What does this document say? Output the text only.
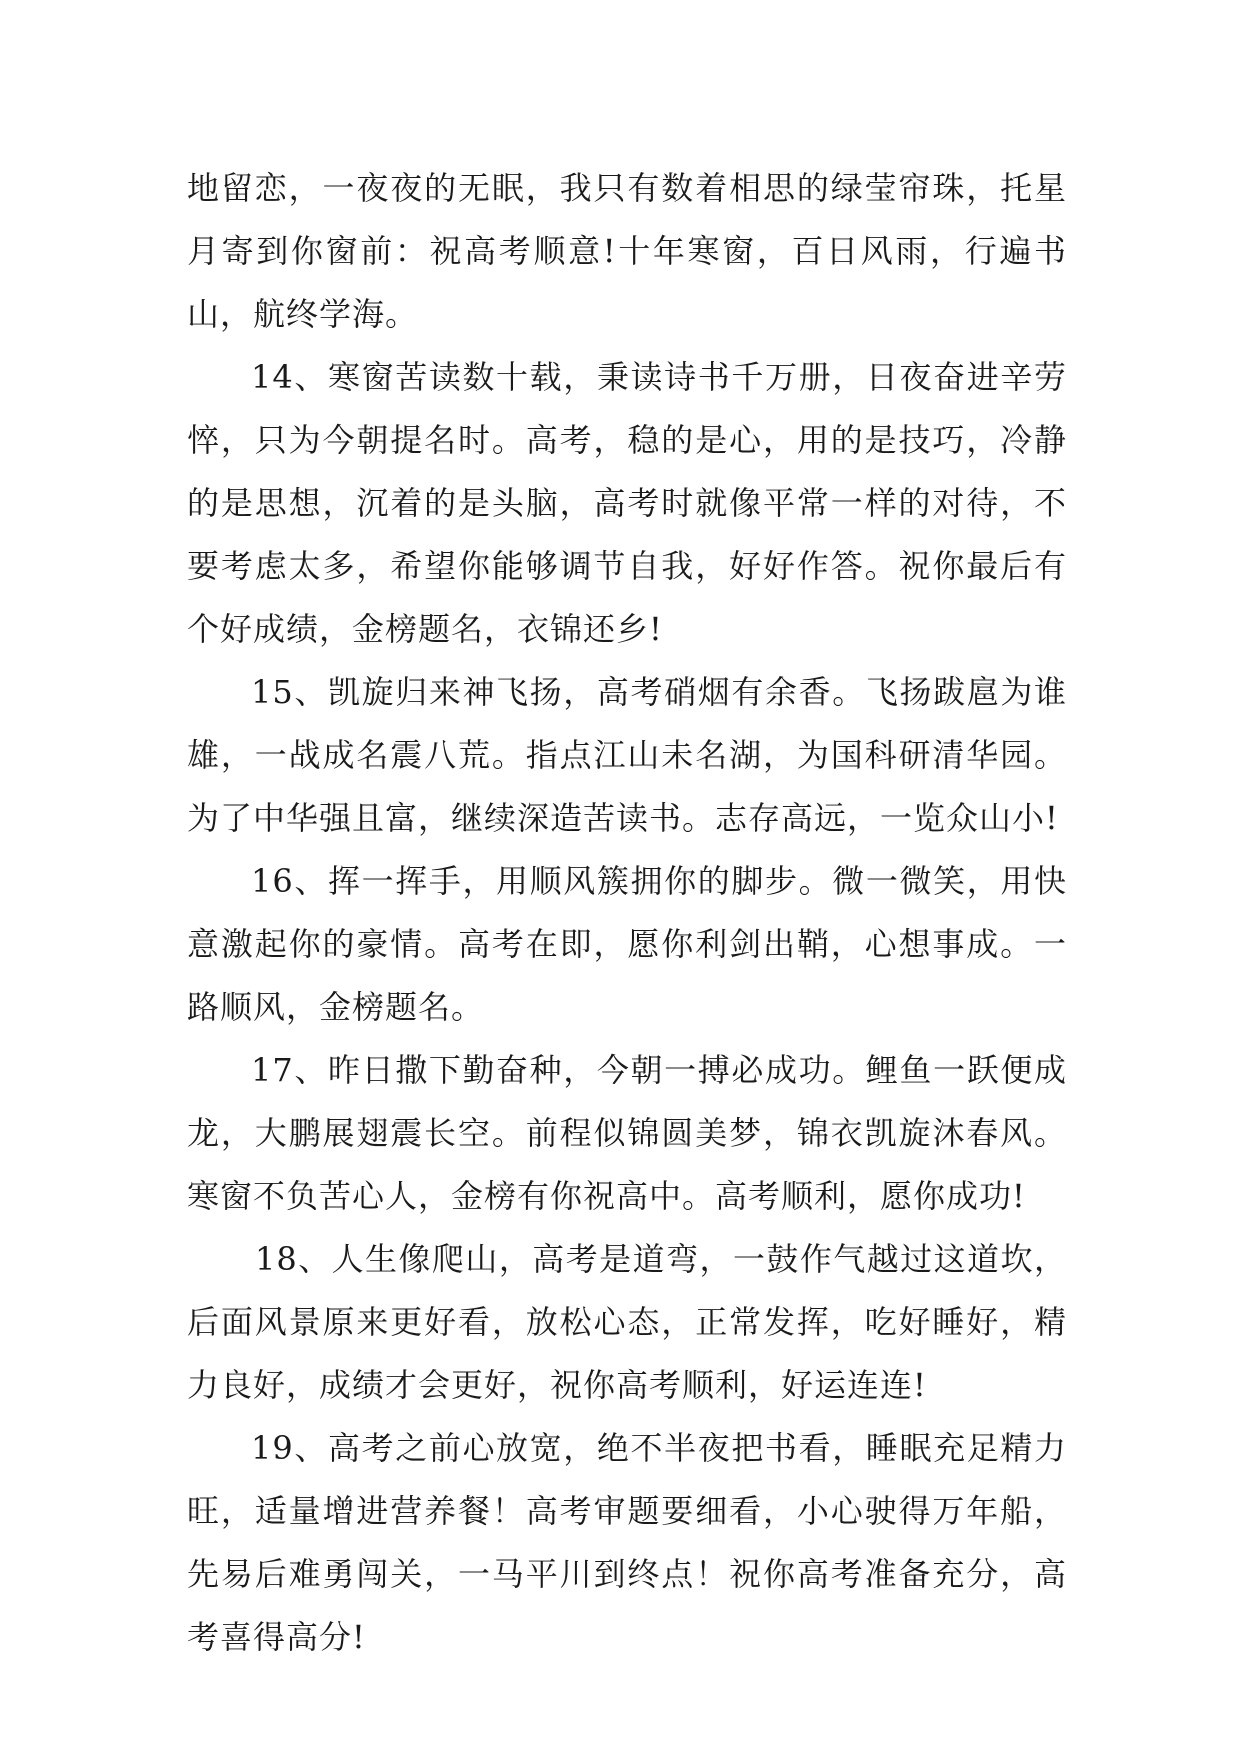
地留恋，一夜夜的无眠，我只有数着相思的绿莹帘珠，托星月寄到你窗前：祝高考顺意!十年寒窗，百日风雨，行遍书山，航终学海。

14、寒窗苦读数十载，秉读诗书千万册，日夜奋进辛劳悴，只为今朝提名时。高考，稳的是心，用的是技巧，冷静的是思想，沉着的是头脑，高考时就像平常一样的对待，不要考虑太多，希望你能够调节自我，好好作答。祝你最后有个好成绩，金榜题名，衣锦还乡!

15、凯旋归来神飞扬，高考硝烟有余香。飞扬跋扈为谁雄，一战成名震八荒。指点江山未名湖，为国科研清华园。为了中华强且富，继续深造苦读书。志存高远，一览众山小!

16、挥一挥手，用顺风簇拥你的脚步。微一微笑，用快意激起你的豪情。高考在即，愿你利剑出鞘，心想事成。一路顺风，金榜题名。

17、昨日撒下勤奋种，今朝一搏必成功。鲤鱼一跃便成龙，大鹏展翅震长空。前程似锦圆美梦，锦衣凯旋沐春风。寒窗不负苦心人，金榜有你祝高中。高考顺利，愿你成功!

18、人生像爬山，高考是道弯，一鼓作气越过这道坎，后面风景原来更好看，放松心态，正常发挥，吃好睡好，精力良好，成绩才会更好，祝你高考顺利，好运连连!

19、高考之前心放宽，绝不半夜把书看，睡眠充足精力旺，适量增进营养餐！高考审题要细看，小心驶得万年船，先易后难勇闯关，一马平川到终点！祝你高考准备充分，高考喜得高分!
